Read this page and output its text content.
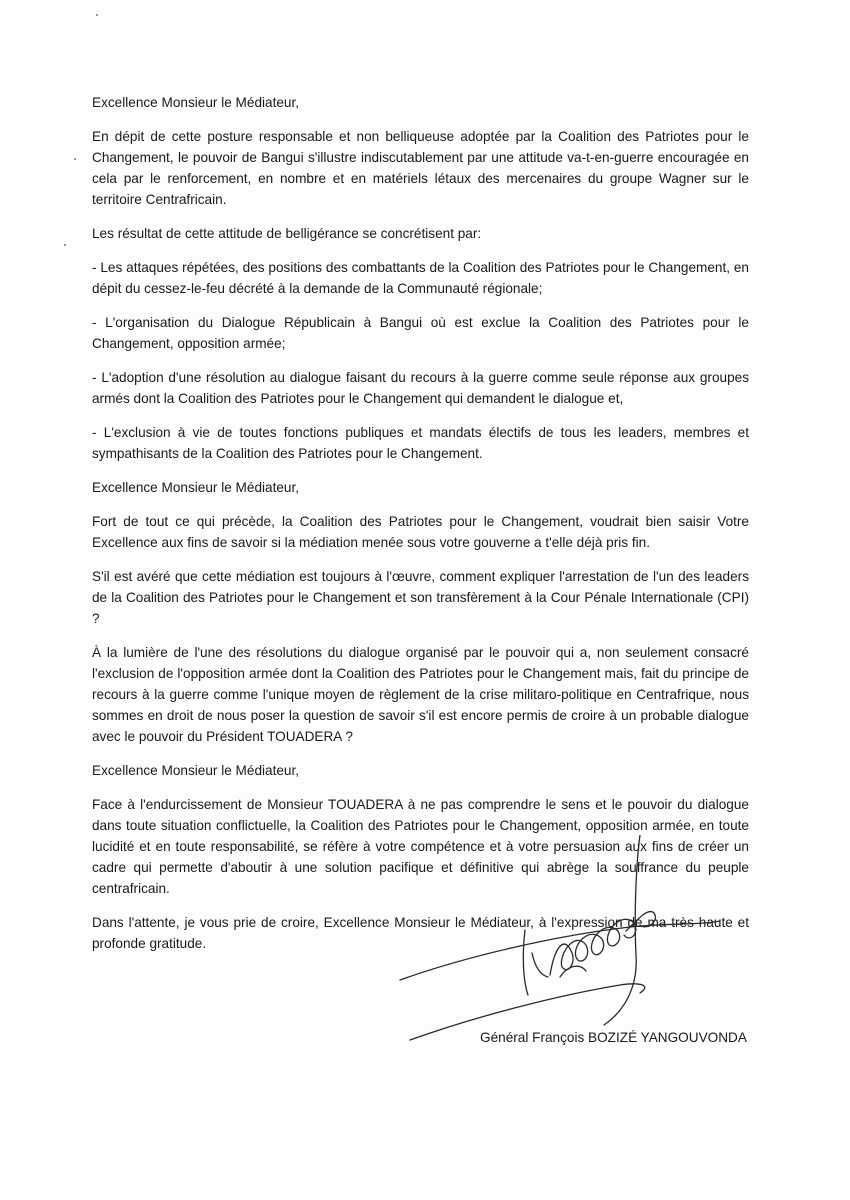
Excellence Monsieur le Médiateur,

En dépit de cette posture responsable et non belliqueuse adoptée par la Coalition des Patriotes pour le Changement, le pouvoir de Bangui s'illustre indiscutablement par une attitude va-t-en-guerre encouragée en cela par le renforcement, en nombre et en matériels létaux des mercenaires du groupe Wagner sur le territoire Centrafricain.

Les résultat de cette attitude de belligérance se concrétisent par:

- Les attaques répétées, des positions des combattants de la Coalition des Patriotes pour le Changement, en dépit du cessez-le-feu décrété à la demande de la Communauté régionale;

- L'organisation du Dialogue Républicain à Bangui où est exclue la Coalition des Patriotes pour le Changement, opposition armée;

- L'adoption d'une résolution au dialogue faisant du recours à la guerre comme seule réponse aux groupes armés dont la Coalition des Patriotes pour le Changement qui demandent le dialogue et,

- L'exclusion à vie de toutes fonctions publiques et mandats électifs de tous les leaders, membres et sympathisants de la Coalition des Patriotes pour le Changement.

Excellence Monsieur le Médiateur,

Fort de tout ce qui précède, la Coalition des Patriotes pour le Changement, voudrait bien saisir Votre Excellence aux fins de savoir si la médiation menée sous votre gouverne a t'elle déjà pris fin.

S'il est avéré que cette médiation est toujours à l'œuvre, comment expliquer l'arrestation de l'un des leaders de la Coalition des Patriotes pour le Changement et son transfèrement à la Cour Pénale Internationale (CPI) ?

À la lumière de l'une des résolutions du dialogue organisé par le pouvoir qui a, non seulement consacré l'exclusion de l'opposition armée dont la Coalition des Patriotes pour le Changement mais, fait du principe de recours à la guerre comme l'unique moyen de règlement de la crise militaro-politique en Centrafrique, nous sommes en droit de nous poser la question de savoir s'il est encore permis de croire à un probable dialogue avec le pouvoir du Président TOUADERA ?

Excellence Monsieur le Médiateur,

Face à l'endurcissement de Monsieur TOUADERA à ne pas comprendre le sens et le pouvoir du dialogue dans toute situation conflictuelle, la Coalition des Patriotes pour le Changement, opposition armée, en toute lucidité et en toute responsabilité, se réfère à votre compétence et à votre persuasion aux fins de créer un cadre qui permette d'aboutir à une solution pacifique et définitive qui abrège la souffrance du peuple centrafricain.

Dans l'attente, je vous prie de croire, Excellence Monsieur le Médiateur, à l'expression de ma très haute et profonde gratitude.

Général François BOZIZÉ YANGOUVONDA
